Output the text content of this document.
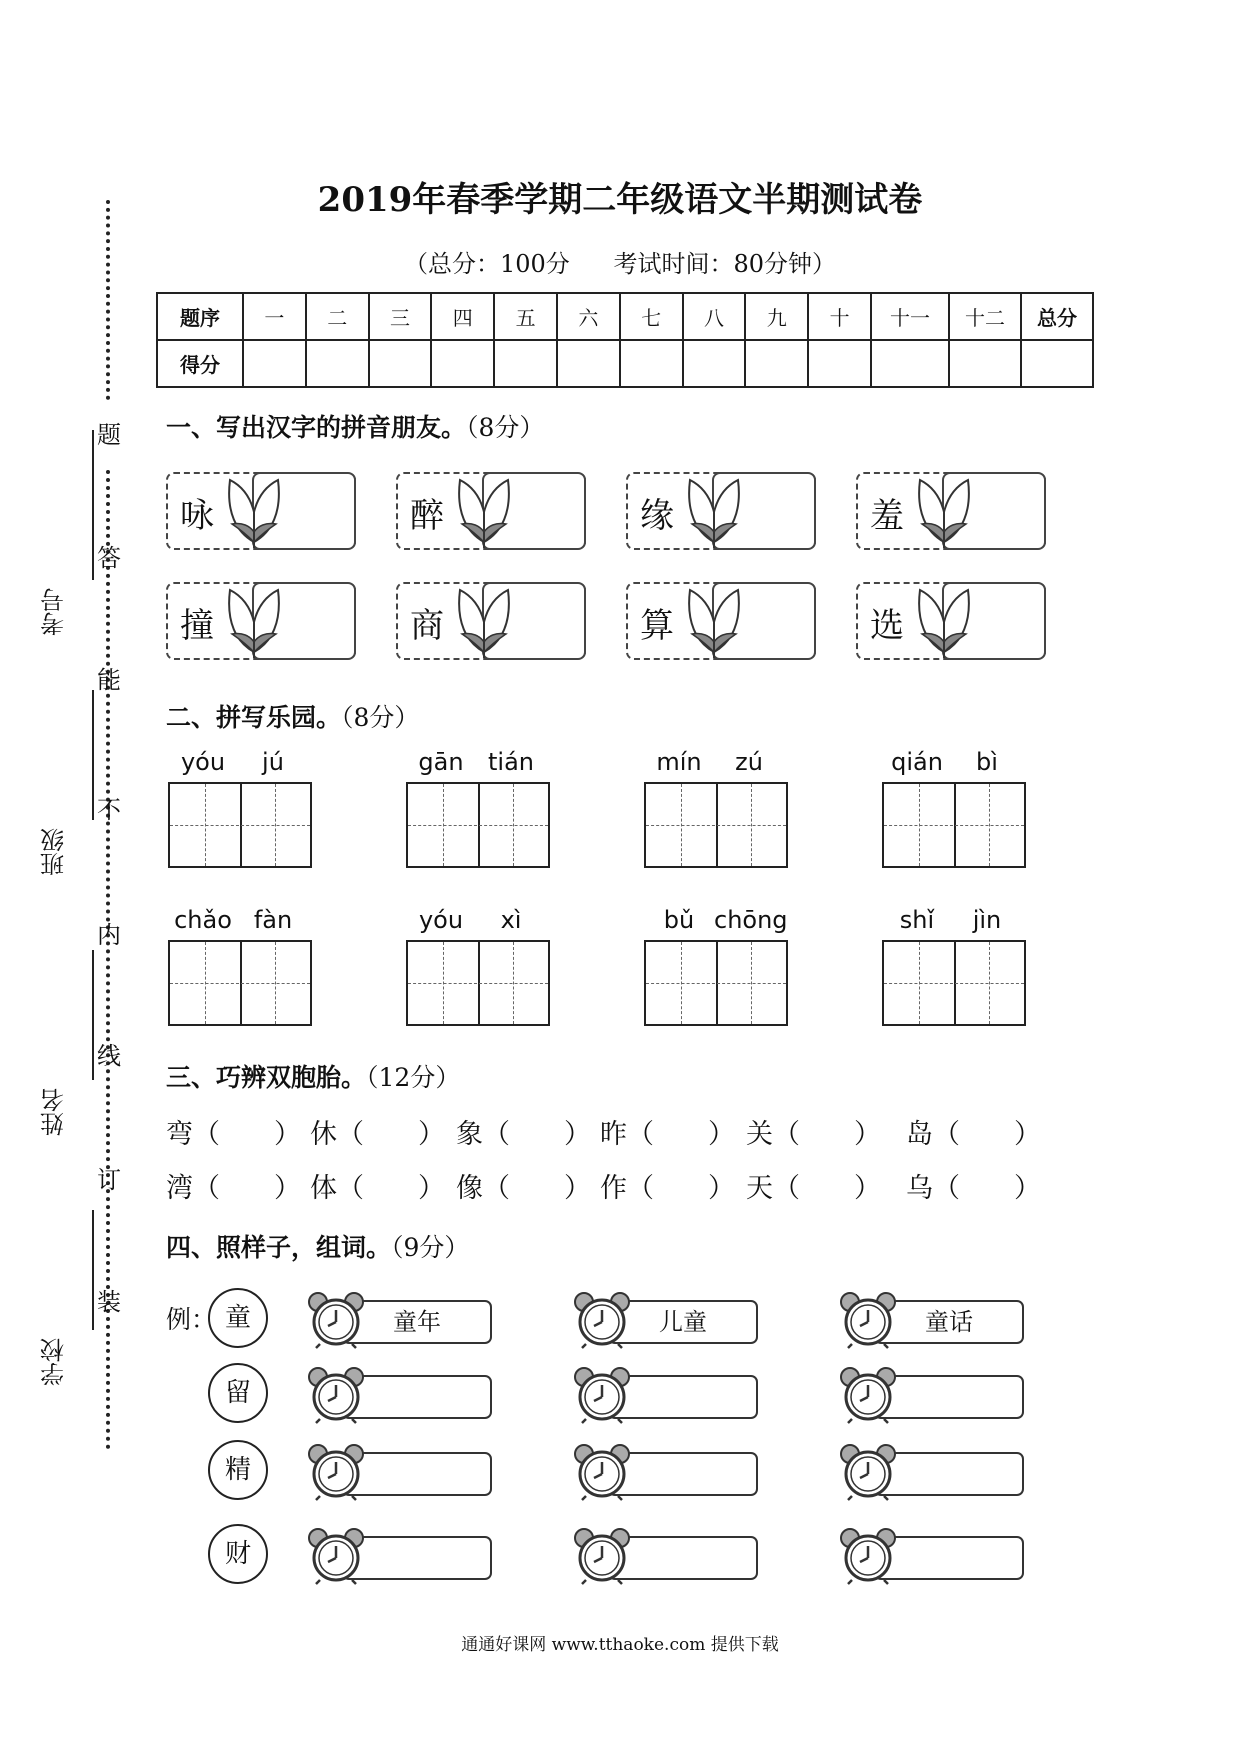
题
答
能
不
内
线
订
装
考号
班级
姓名
学校
2019年春季学期二年级语文半期测试卷
（总分：100分 考试时间：80分钟）
题序	一	二	三	四	五	六	七	八	九	十	十一	十二	总分
得分													
一、写出汉字的拼音朋友。（8分）
咏	醉	缘	羞
撞	商	算	选
二、拼写乐园。（8分）
yóu	jú	gān	tián	mín	zú	qián	bì
chǎo fàn	yóu	xì	bǔ chōng	shǐ	jìn
三、巧辨双胞胎。（12分）
弯（　　） 休（　　） 象（　　） 昨（　　） 关（　　） 岛（　　）
湾（　　） 体（　　） 像（　　） 作（　　） 天（　　） 乌（　　）
四、照样子，组词。（9分）
例： 童	童年	儿童	童话
留
精
财
通通好课网 www.tthaoke.com 提供下载
